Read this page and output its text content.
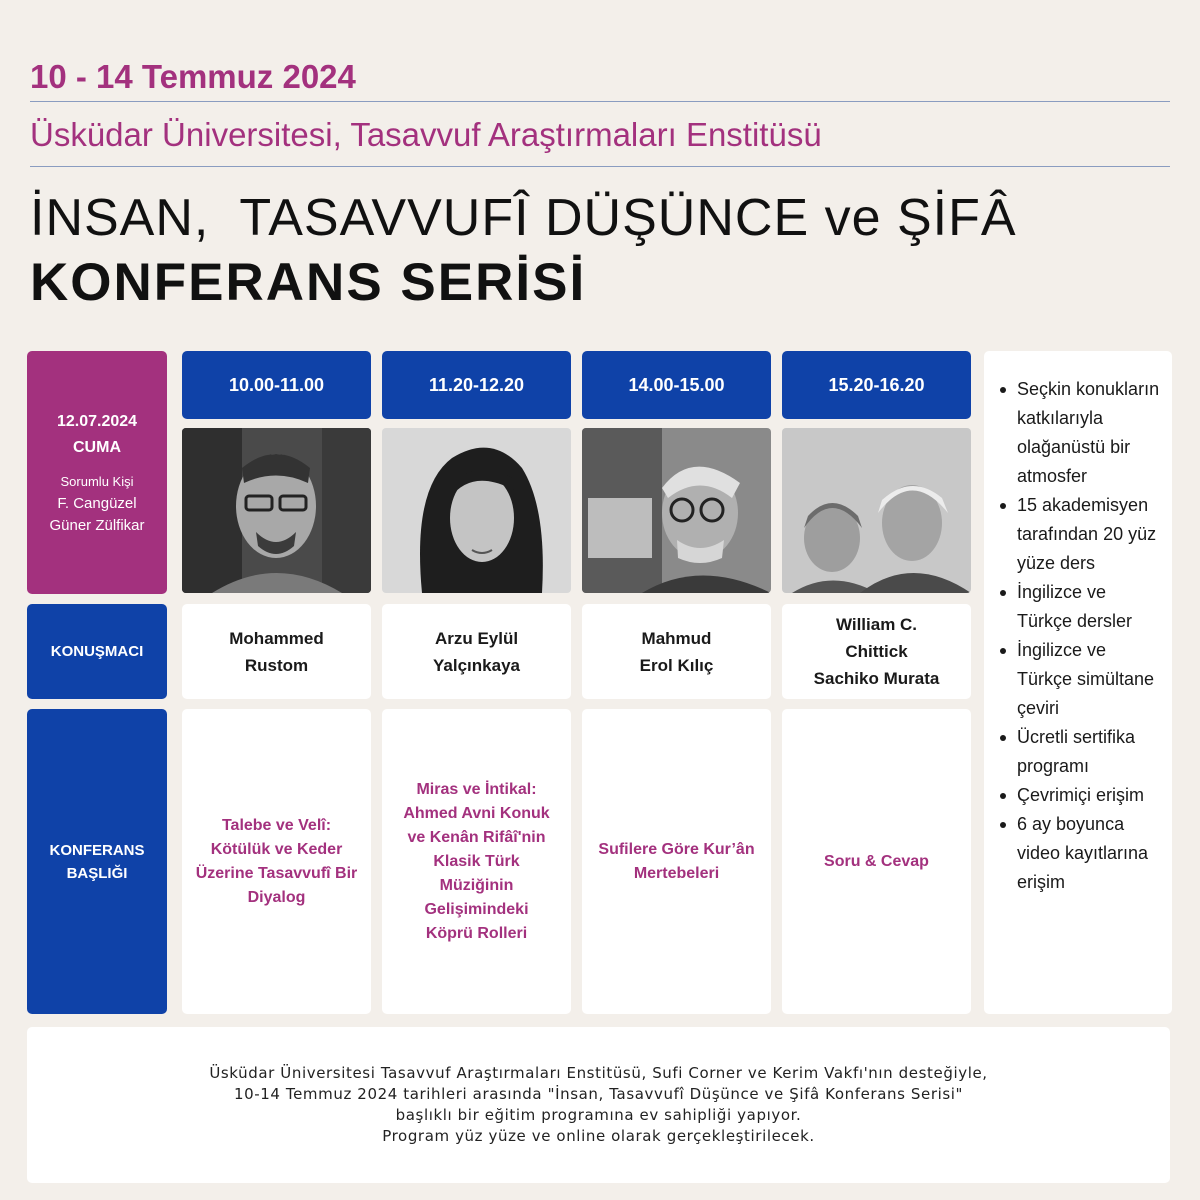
10 - 14 Temmuz 2024
Üsküdar Üniversitesi, Tasavvuf Araştırmaları Enstitüsü
İNSAN,  TASAVVUFÎ DÜŞÜNCE ve ŞİFÂ
KONFERANS SERİSİ
12.07.2024
CUMA
Sorumlu Kişi
F. Cangüzel
Güner Zülfikar
KONUŞMACI
KONFERANS
BAŞLIĞI
10.00-11.00
Mohammed
Rustom
Talebe ve Velî:
Kötülük ve Keder
Üzerine Tasavvufî Bir
Diyalog
11.20-12.20
Arzu Eylül
Yalçınkaya
Miras ve İntikal:
Ahmed Avni Konuk
ve Kenân Rifâî'nin
Klasik Türk
Müziğinin
Gelişimindeki
Köprü Rolleri
14.00-15.00
Mahmud
Erol Kılıç
Sufilere Göre Kur’ân
Mertebeleri
15.20-16.20
William C.
Chittick
Sachiko Murata
Soru & Cevap
Seçkin konukların katkılarıyla olağanüstü bir atmosfer
15 akademisyen tarafından 20 yüz yüze ders
İngilizce ve Türkçe dersler
İngilizce ve Türkçe simültane çeviri
Ücretli sertifika programı
Çevrimiçi erişim
6 ay boyunca video kayıtlarına erişim
Üsküdar Üniversitesi Tasavvuf Araştırmaları Enstitüsü, Sufi Corner ve Kerim Vakfı'nın desteğiyle,
10-14 Temmuz 2024 tarihleri arasında "İnsan, Tasavvufî Düşünce ve Şifâ Konferans Serisi"
başlıklı bir eğitim programına ev sahipliği yapıyor.
Program yüz yüze ve online olarak gerçekleştirilecek.
